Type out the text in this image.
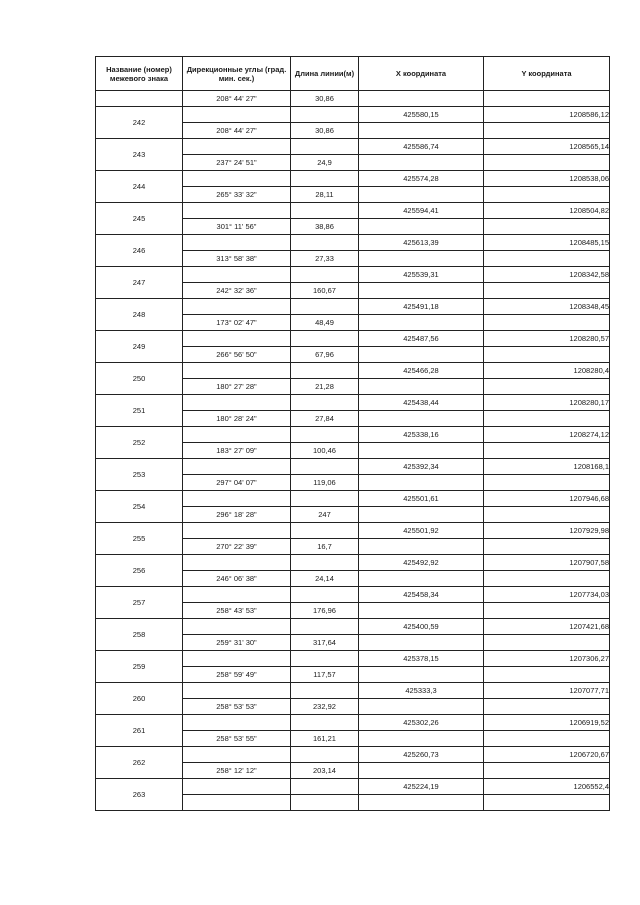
Название (номер) межевого знака	Дирекционные углы (град. мин. сек.)	Длина линии(м)	X координата	Y координата
	208° 44' 27"	30,86		
242			425580,15	1208586,12
	208° 44' 27"	30,86		
243			425586,74	1208565,14
	237° 24' 51"	24,9		
244			425574,28	1208538,06
	265° 33' 32"	28,11		
245			425594,41	1208504,82
	301° 11' 56"	38,86		
246			425613,39	1208485,15
	313° 58' 38"	27,33		
247			425539,31	1208342,58
	242° 32' 36"	160,67		
248			425491,18	1208348,45
	173° 02' 47"	48,49		
249			425487,56	1208280,57
	266° 56' 50"	67,96		
250			425466,28	1208280,4
	180° 27' 28"	21,28		
251			425438,44	1208280,17
	180° 28' 24"	27,84		
252			425338,16	1208274,12
	183° 27' 09"	100,46		
253			425392,34	1208168,1
	297° 04' 07"	119,06		
254			425501,61	1207946,68
	296° 18' 28"	247		
255			425501,92	1207929,98
	270° 22' 39"	16,7		
256			425492,92	1207907,58
	246° 06' 38"	24,14		
257			425458,34	1207734,03
	258° 43' 53"	176,96		
258			425400,59	1207421,68
	259° 31' 30"	317,64		
259			425378,15	1207306,27
	258° 59' 49"	117,57		
260			425333,3	1207077,71
	258° 53' 53"	232,92		
261			425302,26	1206919,52
	258° 53' 55"	161,21		
262			425260,73	1206720,67
	258° 12' 12"	203,14		
263			425224,19	1206552,4
